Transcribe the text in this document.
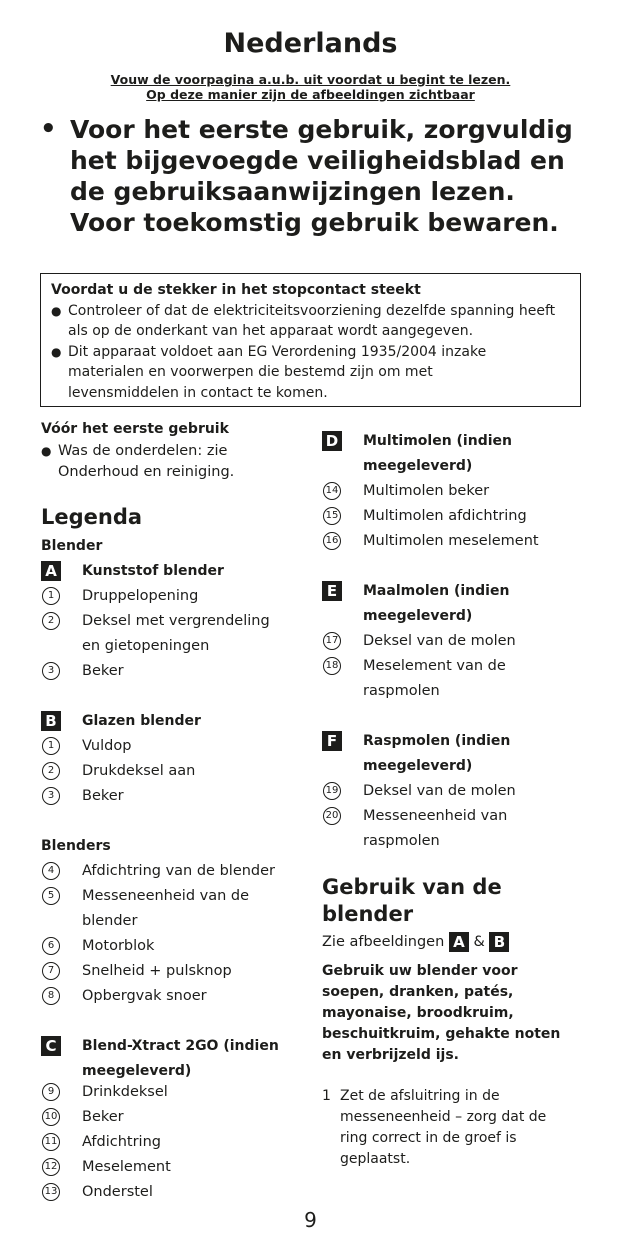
Nederlands
Vouw de voorpagina a.u.b. uit voordat u begint te lezen.
Op deze manier zijn de afbeeldingen zichtbaar
• Voor het eerste gebruik, zorgvuldig het bijgevoegde veiligheidsblad en de gebruiksaanwijzingen lezen. Voor toekomstig gebruik bewaren.
Voordat u de stekker in het stopcontact steekt
● Controleer of dat de elektriciteitsvoorziening dezelfde spanning heeft als op de onderkant van het apparaat wordt aangegeven.
● Dit apparaat voldoet aan EG Verordening 1935/2004 inzake materialen en voorwerpen die bestemd zijn om met levensmiddelen in contact te komen.
Vóór het eerste gebruik
● Was de onderdelen: zie Onderhoud en reiniging.
Legenda
Blender
A	Kunststof blender
1	Druppelopening
2	Deksel met vergrendeling en gietopeningen
3	Beker
B	Glazen blender
1	Vuldop
2	Drukdeksel aan
3	Beker
Blenders
4	Afdichtring van de blender
5	Messeneenheid van de blender
6	Motorblok
7	Snelheid + pulsknop
8	Opbergvak snoer
C	Blend-Xtract 2GO (indien meegeleverd)
9	Drinkdeksel
10 Beker
11 Afdichtring
12 Meselement
13 Onderstel
D Multimolen (indien meegeleverd)
14 Multimolen beker
15 Multimolen afdichtring
16 Multimolen meselement
E	Maalmolen (indien meegeleverd)
17 Deksel van de molen
18 Meselement van de raspmolen
F	Raspmolen (indien meegeleverd)
19 Deksel van de molen
20 Messeneenheid van raspmolen
Gebruik van de blender
Zie afbeeldingen A & B
Gebruik uw blender voor soepen, dranken, patés, mayonaise, broodkruim, beschuitkruim, gehakte noten en verbrijzeld ijs.
1 Zet de afsluitring in de messeneenheid – zorg dat de ring correct in de groef is geplaatst.
9
